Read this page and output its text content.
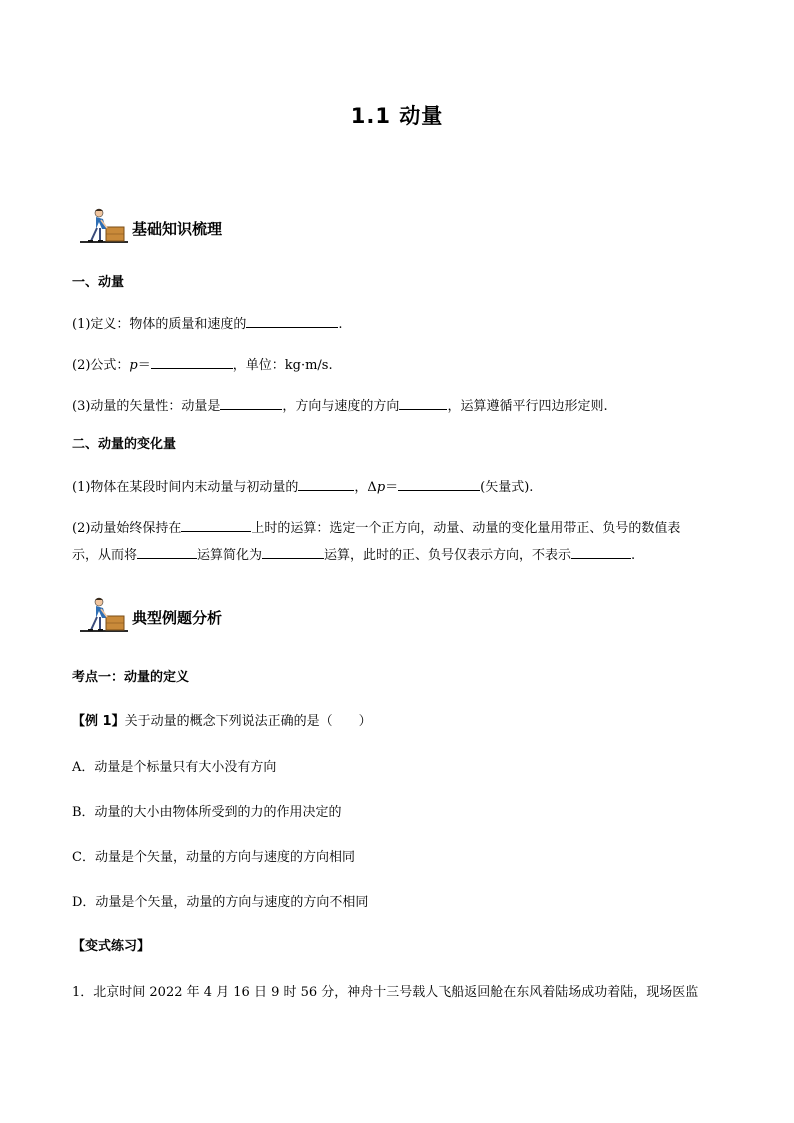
1.1 动量
基础知识梳理
一、动量
(1)定义：物体的质量和速度的	.
(2)公式：p＝	，单位：kg·m/s.
(3)动量的矢量性：动量是	，方向与速度的方向	，运算遵循平行四边形定则.
二、动量的变化量
(1)物体在某段时间内末动量与初动量的	，Δp＝	(矢量式).
(2)动量始终保持在	上时的运算：选定一个正方向，动量、动量的变化量用带正、负号的数值表
示，从而将	运算简化为	运算，此时的正、负号仅表示方向，不表示	.
典型例题分析
考点一：动量的定义
【例 1】关于动量的概念下列说法正确的是（　　）
A．动量是个标量只有大小没有方向
B．动量的大小由物体所受到的力的作用决定的
C．动量是个矢量，动量的方向与速度的方向相同
D．动量是个矢量，动量的方向与速度的方向不相同
【变式练习】
1．北京时间 2022 年 4 月 16 日 9 时 56 分，神舟十三号载人飞船返回舱在东风着陆场成功着陆，现场医监
